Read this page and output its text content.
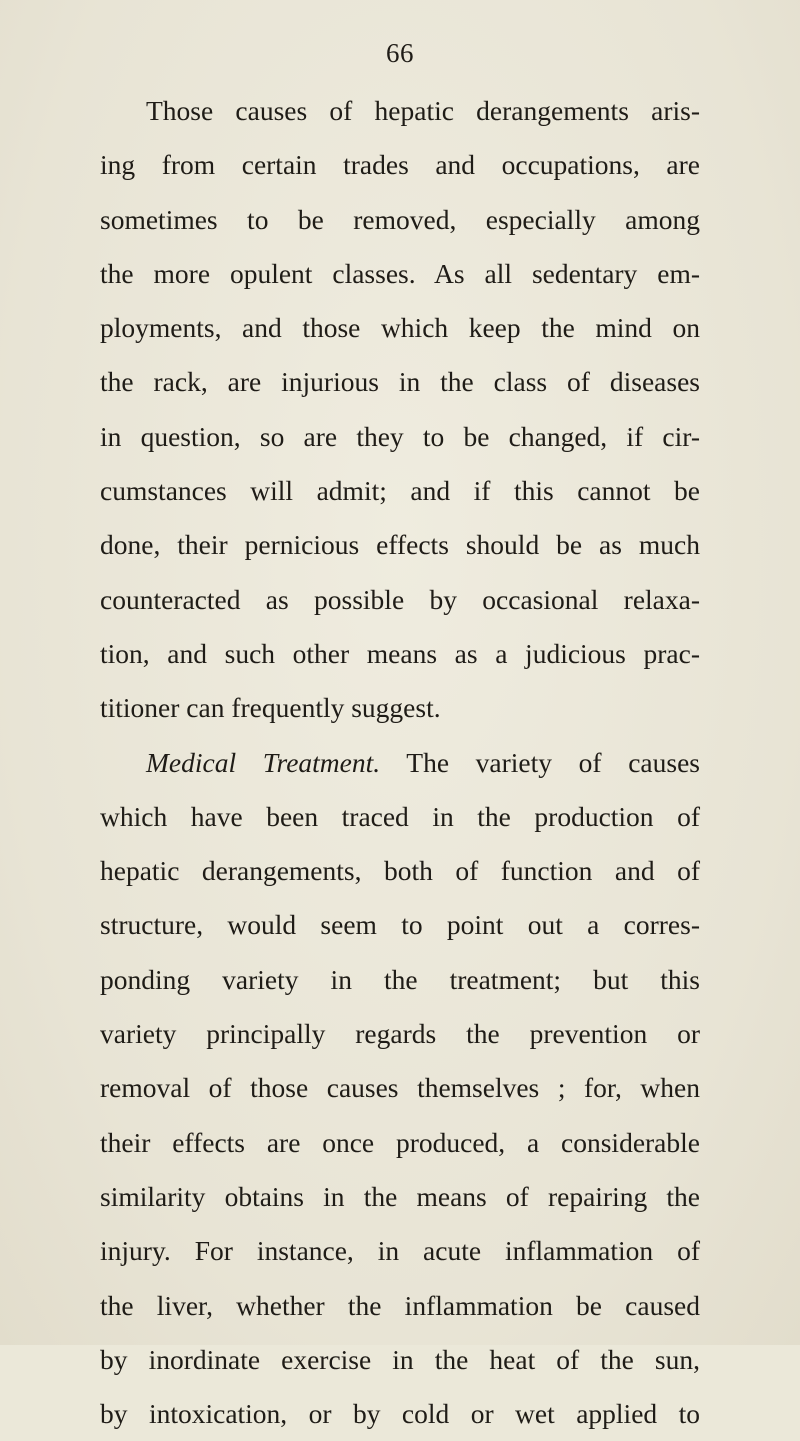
66
Those causes of hepatic derangements aris-
ing from certain trades and occupations, are
sometimes to be removed, especially among
the more opulent classes. As all sedentary em-
ployments, and those which keep the mind on
the rack, are injurious in the class of diseases
in question, so are they to be changed, if cir-
cumstances will admit; and if this cannot be
done, their pernicious effects should be as much
counteracted as possible by occasional relaxa-
tion, and such other means as a judicious prac-
titioner can frequently suggest.
Medical Treatment. The variety of causes
which have been traced in the production of
hepatic derangements, both of function and of
structure, would seem to point out a corres-
ponding variety in the treatment; but this
variety principally regards the prevention or
removal of those causes themselves ; for, when
their effects are once produced, a considerable
similarity obtains in the means of repairing the
injury. For instance, in acute inflammation of
the liver, whether the inflammation be caused
by inordinate exercise in the heat of the sun,
by intoxication, or by cold or wet applied to
